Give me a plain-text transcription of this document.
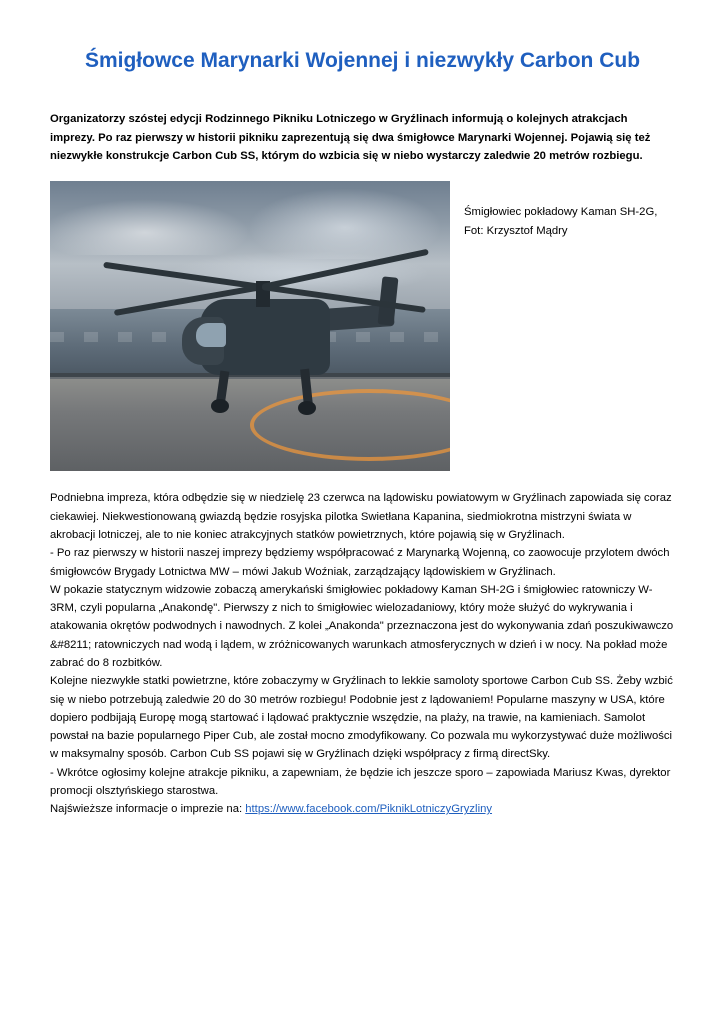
Śmigłowce Marynarki Wojennej i niezwykły Carbon Cub

Organizatorzy szóstej edycji Rodzinnego Pikniku Lotniczego w Gryźlinach informują o kolejnych atrakcjach imprezy. Po raz pierwszy w historii pikniku zaprezentują się dwa śmigłowce Marynarki Wojennej. Pojawią się też niezwykłe konstrukcje Carbon Cub SS, którym do wzbicia się w niebo wystarczy zaledwie 20 metrów rozbiegu.

Śmigłowiec pokładowy Kaman SH-2G, Fot: Krzysztof Mądry

Podniebna impreza, która odbędzie się w niedzielę 23 czerwca na lądowisku powiatowym w Gryźlinach zapowiada się coraz ciekawiej. Niekwestionowaną gwiazdą będzie rosyjska pilotka Swietłana Kapanina, siedmiokrotna mistrzyni świata w akrobacji lotniczej, ale to nie koniec atrakcyjnych statków powietrznych, które pojawią się w Gryźlinach.

- Po raz pierwszy w historii naszej imprezy będziemy współpracować z Marynarką Wojenną, co zaowocuje przylotem dwóch śmigłowców Brygady Lotnictwa MW – mówi Jakub Woźniak, zarządzający lądowiskiem w Gryźlinach.

W pokazie statycznym widzowie zobaczą amerykański śmigłowiec pokładowy Kaman SH-2G i śmigłowiec ratowniczy W-3RM, czyli popularna „Anakondę". Pierwszy z nich to śmigłowiec wielozadaniowy, który może służyć do wykrywania i atakowania okrętów podwodnych i nawodnych. Z kolei „Anakonda" przeznaczona jest do wykonywania zdań poszukiwawczo &#8211; ratowniczych nad wodą i lądem, w zróżnicowanych warunkach atmosferycznych w dzień i w nocy. Na pokład może zabrać do 8 rozbitków.

Kolejne niezwykłe statki powietrzne, które zobaczymy w Gryźlinach to lekkie samoloty sportowe Carbon Cub SS. Żeby wzbić się w niebo potrzebują zaledwie 20 do 30 metrów rozbiegu! Podobnie jest z lądowaniem! Popularne maszyny w USA, które dopiero podbijają Europę mogą startować i lądować praktycznie wszędzie, na plaży, na trawie, na kamieniach. Samolot powstał na bazie popularnego Piper Cub, ale został mocno zmodyfikowany. Co pozwala mu wykorzystywać duże możliwości w maksymalny sposób. Carbon Cub SS pojawi się w Gryźlinach dzięki współpracy z firmą directSky.

- Wkrótce ogłosimy kolejne atrakcje pikniku, a zapewniam, że będzie ich jeszcze sporo – zapowiada Mariusz Kwas, dyrektor promocji olsztyńskiego starostwa.

Najświeższe informacje o imprezie na: https://www.facebook.com/PiknikLotniczyGryzliny
